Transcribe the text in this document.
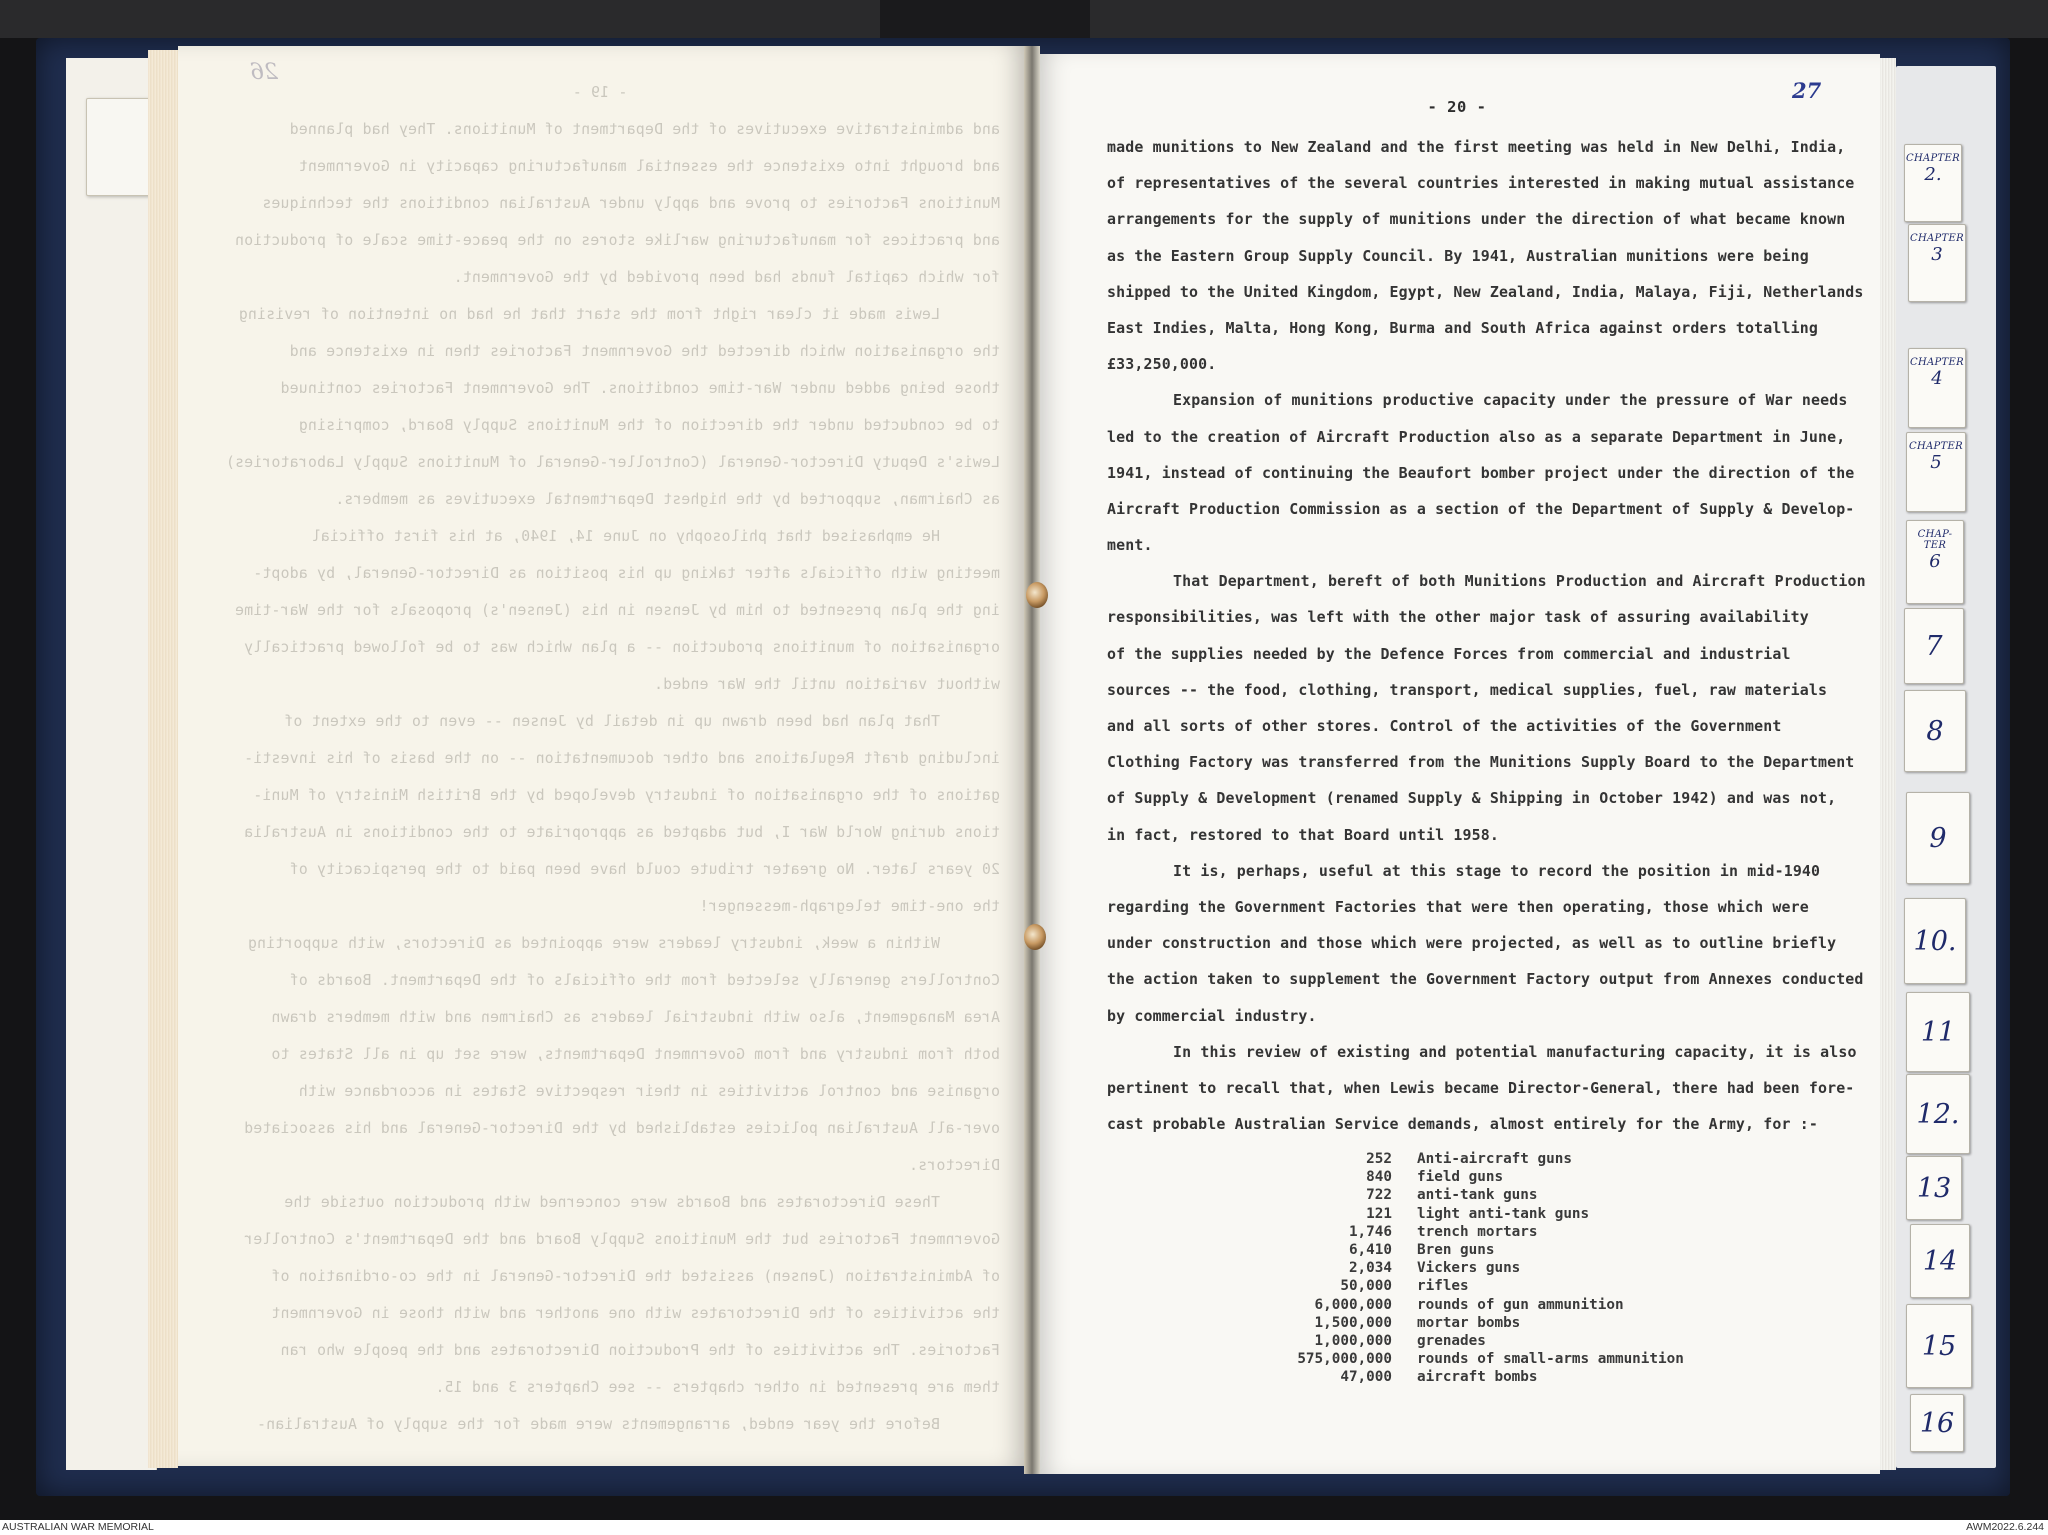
26
- 19 -
and administrative executives of the Department of Munitions. They had planned
and brought into existence the essential manufacturing capacity in Government
Munitions Factories to prove and apply under Australian conditions the techniques
and practices for manufacturing warlike stores on the peace-time scale of production
for which capital funds had been provided by the Government.
Lewis made it clear right from the start that he had no intention of revising
the organisation which directed the Government Factories then in existence and
those being added under War-time conditions. The Government Factories continued
to be conducted under the direction of the Munitions Supply Board, comprising
Lewis's Deputy Director-General (Controller-General of Munitions Supply Laboratories)
as Chairman, supported by the highest Departmental executives as members.
He emphasised that philosophy on June 14, 1940, at his first official
meeting with officials after taking up his position as Director-General, by adopt-
ing the plan presented to him by Jensen in his (Jensen's) proposals for the War-time
organisation of munitions production -- a plan which was to be followed practically
without variation until the War ended.
That plan had been drawn up in detail by Jensen -- even to the extent of
including draft Regulations and other documentation -- on the basis of his investi-
gations of the organisation of industry developed by the British Ministry of Muni-
tions during World War I, but adapted as appropriate to the conditions in Australia
20 years later. No greater tribute could have been paid to the perspicacity of
the one-time telegraph-messenger!
Within a week, industry leaders were appointed as Directors, with supporting
Controllers generally selected from the officials of the Department. Boards of
Area Management, also with industrial leaders as Chairmen and with members drawn
both from industry and from Government Departments, were set up in all States to
organise and control activities in their respective States in accordance with
over-all Australian policies established by the Director-General and his associated
Directors.
These Directorates and Boards were concerned with production outside the
Government Factories but the Munitions Supply Board and the Department's Controller
of Administration (Jensen) assisted the Director-General in the co-ordination of
the activities of the Directorates with one another and with those in Government
Factories. The activities of the Production Directorates and the people who ran
them are presented in other chapters -- see Chapters 3 and 15.
Before the year ended, arrangements were made for the supply of Australian-
- 20 -
27
made munitions to New Zealand and the first meeting was held in New Delhi, India,
of representatives of the several countries interested in making mutual assistance
arrangements for the supply of munitions under the direction of what became known
as the Eastern Group Supply Council. By 1941, Australian munitions were being
shipped to the United Kingdom, Egypt, New Zealand, India, Malaya, Fiji, Netherlands
East Indies, Malta, Hong Kong, Burma and South Africa against orders totalling
£33,250,000.
Expansion of munitions productive capacity under the pressure of War needs
led to the creation of Aircraft Production also as a separate Department in June,
1941, instead of continuing the Beaufort bomber project under the direction of the
Aircraft Production Commission as a section of the Department of Supply & Develop-
ment.
That Department, bereft of both Munitions Production and Aircraft Production
responsibilities, was left with the other major task of assuring availability
of the supplies needed by the Defence Forces from commercial and industrial
sources -- the food, clothing, transport, medical supplies, fuel, raw materials
and all sorts of other stores. Control of the activities of the Government
Clothing Factory was transferred from the Munitions Supply Board to the Department
of Supply & Development (renamed Supply & Shipping in October 1942) and was not,
in fact, restored to that Board until 1958.
It is, perhaps, useful at this stage to record the position in mid-1940
regarding the Government Factories that were then operating, those which were
under construction and those which were projected, as well as to outline briefly
the action taken to supplement the Government Factory output from Annexes conducted
by commercial industry.
In this review of existing and potential manufacturing capacity, it is also
pertinent to recall that, when Lewis became Director-General, there had been fore-
cast probable Australian Service demands, almost entirely for the Army, for :-
252 Anti-aircraft guns
840 field guns
722 anti-tank guns
121 light anti-tank guns
1,746 trench mortars
6,410 Bren guns
2,034 Vickers guns
50,000 rifles
6,000,000 rounds of gun ammunition
1,500,000 mortar bombs
1,000,000 grenades
575,000,000 rounds of small-arms ammunition
47,000 aircraft bombs
CHAPTER
2.
CHAPTER
3
CHAPTER
4
CHAPTER
5
CHAP-TER
6
7
8
9
10.
11
12.
13
14
15
16
AUSTRALIAN WAR MEMORIAL	AWM2022.6.244
